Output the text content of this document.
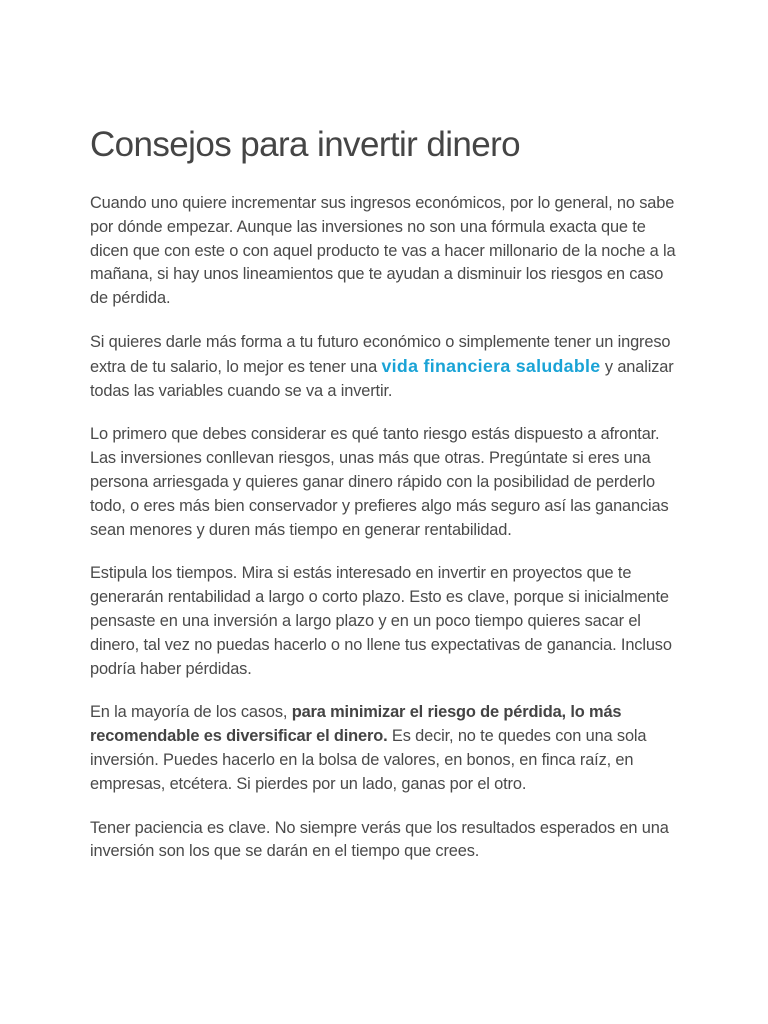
Consejos para invertir dinero

Cuando uno quiere incrementar sus ingresos económicos, por lo general, no sabe por dónde empezar. Aunque las inversiones no son una fórmula exacta que te dicen que con este o con aquel producto te vas a hacer millonario de la noche a la mañana, si hay unos lineamientos que te ayudan a disminuir los riesgos en caso de pérdida.

Si quieres darle más forma a tu futuro económico o simplemente tener un ingreso extra de tu salario, lo mejor es tener una vida financiera saludable y analizar todas las variables cuando se va a invertir.

Lo primero que debes considerar es qué tanto riesgo estás dispuesto a afrontar. Las inversiones conllevan riesgos, unas más que otras. Pregúntate si eres una persona arriesgada y quieres ganar dinero rápido con la posibilidad de perderlo todo, o eres más bien conservador y prefieres algo más seguro así las ganancias sean menores y duren más tiempo en generar rentabilidad.

Estipula los tiempos. Mira si estás interesado en invertir en proyectos que te generarán rentabilidad a largo o corto plazo. Esto es clave, porque si inicialmente pensaste en una inversión a largo plazo y en un poco tiempo quieres sacar el dinero, tal vez no puedas hacerlo o no llene tus expectativas de ganancia. Incluso podría haber pérdidas.

En la mayoría de los casos, para minimizar el riesgo de pérdida, lo más recomendable es diversificar el dinero. Es decir, no te quedes con una sola inversión. Puedes hacerlo en la bolsa de valores, en bonos, en finca raíz, en empresas, etcétera. Si pierdes por un lado, ganas por el otro.

Tener paciencia es clave. No siempre verás que los resultados esperados en una inversión son los que se darán en el tiempo que crees.
